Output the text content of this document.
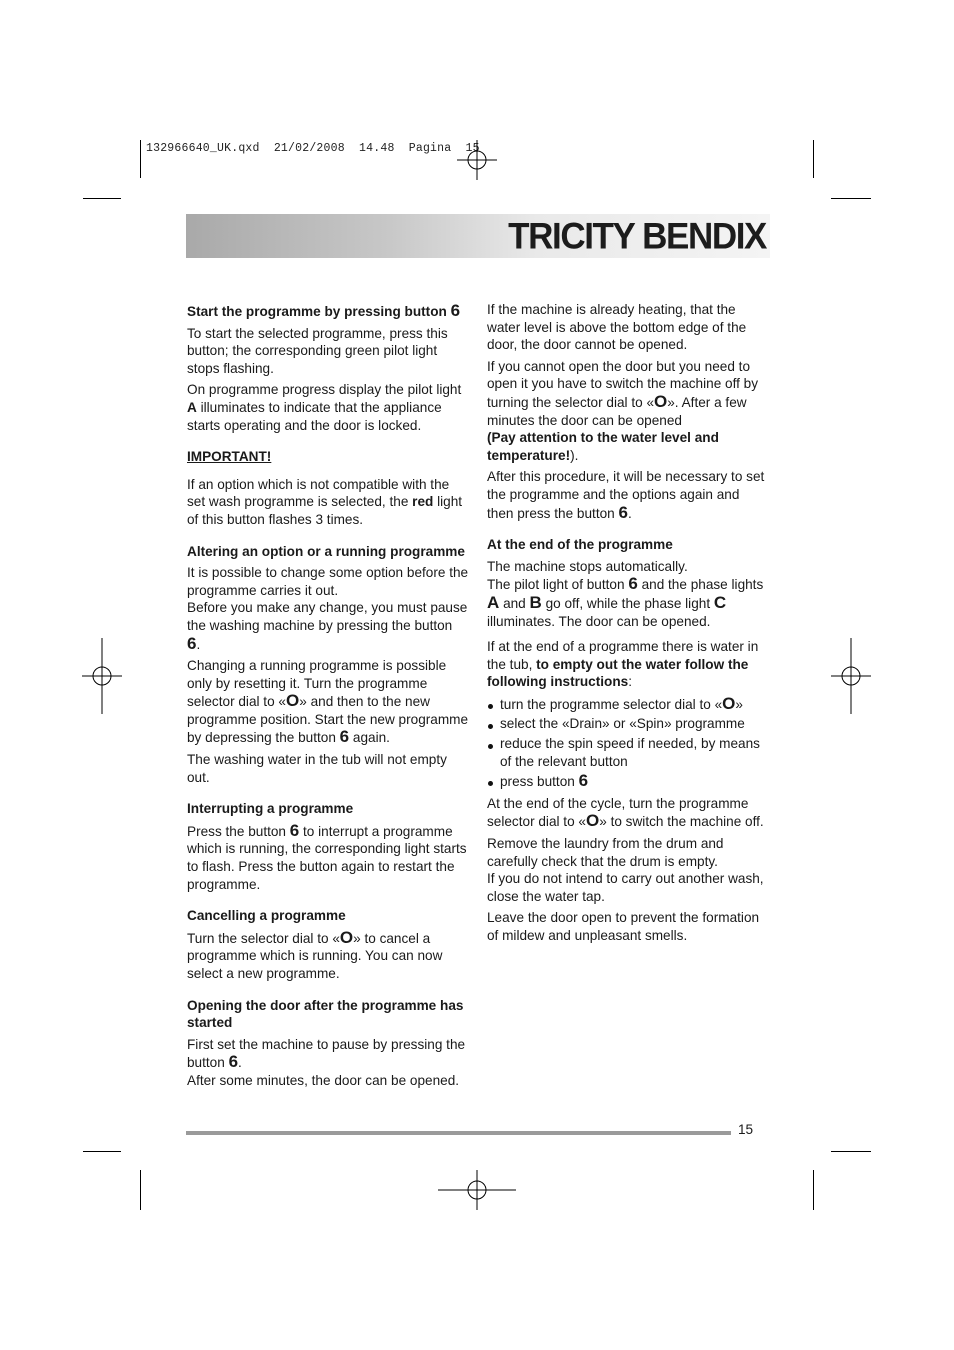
132966640_UK.qxd  21/02/2008  14.48  Pagina  15
TRICITY BENDIX
Start the programme by pressing button 6

To start the selected programme, press this button; the corresponding green pilot light stops flashing.

On programme progress display the pilot light A illuminates to indicate that the appliance starts operating and the door is locked.

IMPORTANT!

If an option which is not compatible with the set wash programme is selected, the red light of this button flashes 3 times.

Altering an option or a running programme

It is possible to change some option before the programme carries it out.

Before you make any change, you must pause the washing machine by pressing the button 6.

Changing a running programme is possible only by resetting it. Turn the programme selector dial to «O» and then to the new programme position. Start the new programme by depressing the button 6 again.

The washing water in the tub will not empty out.

Interrupting a programme

Press the button 6 to interrupt a programme which is running, the corresponding light starts to flash. Press the button again to restart the programme.

Cancelling a programme

Turn the selector dial to «O» to cancel a programme which is running. You can now select a new programme.

Opening the door after the programme has started

First set the machine to pause by pressing the button 6.

After some minutes, the door can be opened.

If the machine is already heating, that the water level is above the bottom edge of the door, the door cannot be opened.

If you cannot open the door but you need to open it you have to switch the machine off by turning the selector dial to «O». After a few minutes the door can be opened

(Pay attention to the water level and temperature!).

After this procedure, it will be necessary to set the programme and the options again and then press the button 6.

At the end of the programme

The machine stops automatically.

The pilot light of button 6 and the phase lights A and B go off, while the phase light C illuminates. The door can be opened.

If at the end of a programme there is water in the tub, to empty out the water follow the following instructions:

turn the programme selector dial to «O»
select the «Drain» or «Spin» programme
reduce the spin speed if needed, by means of the relevant button
press button 6

At the end of the cycle, turn the programme selector dial to «O» to switch the machine off.

Remove the laundry from the drum and carefully check that the drum is empty.

If you do not intend to carry out another wash, close the water tap.

Leave the door open to prevent the formation of mildew and unpleasant smells.

15
